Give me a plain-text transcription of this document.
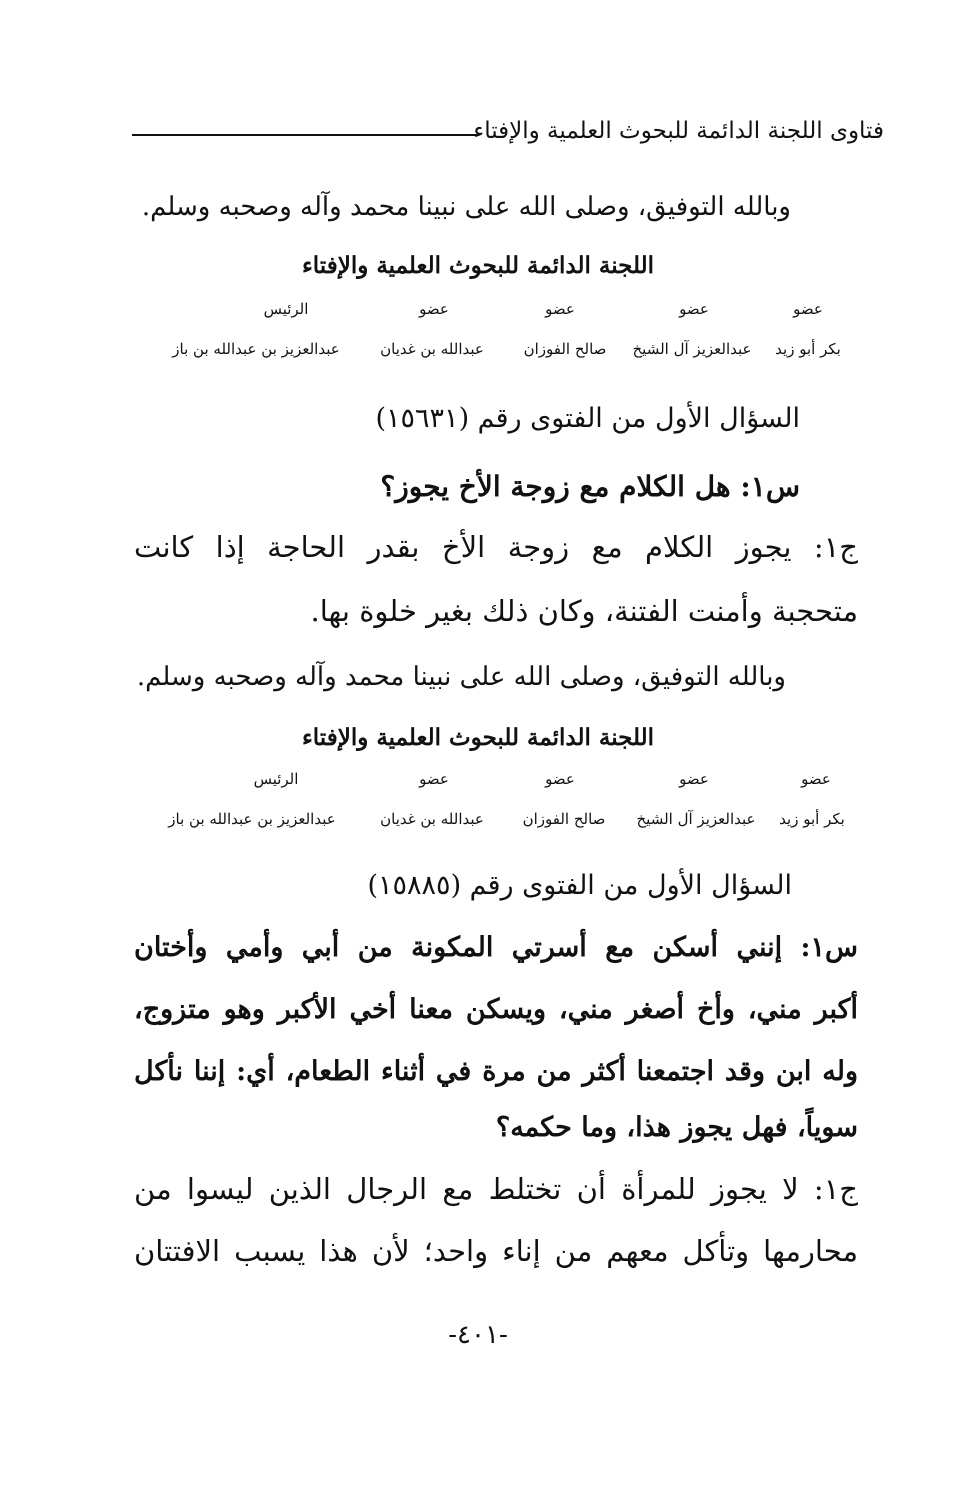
فتاوى اللجنة الدائمة للبحوث العلمية والإفتاء
وبالله التوفيق، وصلى الله على نبينا محمد وآله وصحبه وسلم.
اللجنة الدائمة للبحوث العلمية والإفتاء
عضو
عضو
عضو
عضو
الرئيس
بكر أبو زيد
عبدالعزيز آل الشيخ
صالح الفوزان
عبدالله بن غديان
عبدالعزيز بن عبدالله بن باز
السؤال الأول من الفتوى رقم (١٥٦٣١)
س١: هل الكلام مع زوجة الأخ يجوز؟
ج١: يجوز الكلام مع زوجة الأخ بقدر الحاجة إذا كانت
متحجبة وأمنت الفتنة، وكان ذلك بغير خلوة بها.
وبالله التوفيق، وصلى الله على نبينا محمد وآله وصحبه وسلم.
اللجنة الدائمة للبحوث العلمية والإفتاء
عضو
عضو
عضو
عضو
الرئيس
بكر أبو زيد
عبدالعزيز آل الشيخ
صالح الفوزان
عبدالله بن غديان
عبدالعزيز بن عبدالله بن باز
السؤال الأول من الفتوى رقم (١٥٨٨٥)
س١: إنني أسكن مع أسرتي المكونة من أبي وأمي وأختان
أكبر مني، وأخ أصغر مني، ويسكن معنا أخي الأكبر وهو متزوج،
وله ابن وقد اجتمعنا أكثر من مرة في أثناء الطعام، أي: إننا نأكل
سوياً، فهل يجوز هذا، وما حكمه؟
ج١: لا يجوز للمرأة أن تختلط مع الرجال الذين ليسوا من
محارمها وتأكل معهم من إناء واحد؛ لأن هذا يسبب الافتتان
-٤٠١-
